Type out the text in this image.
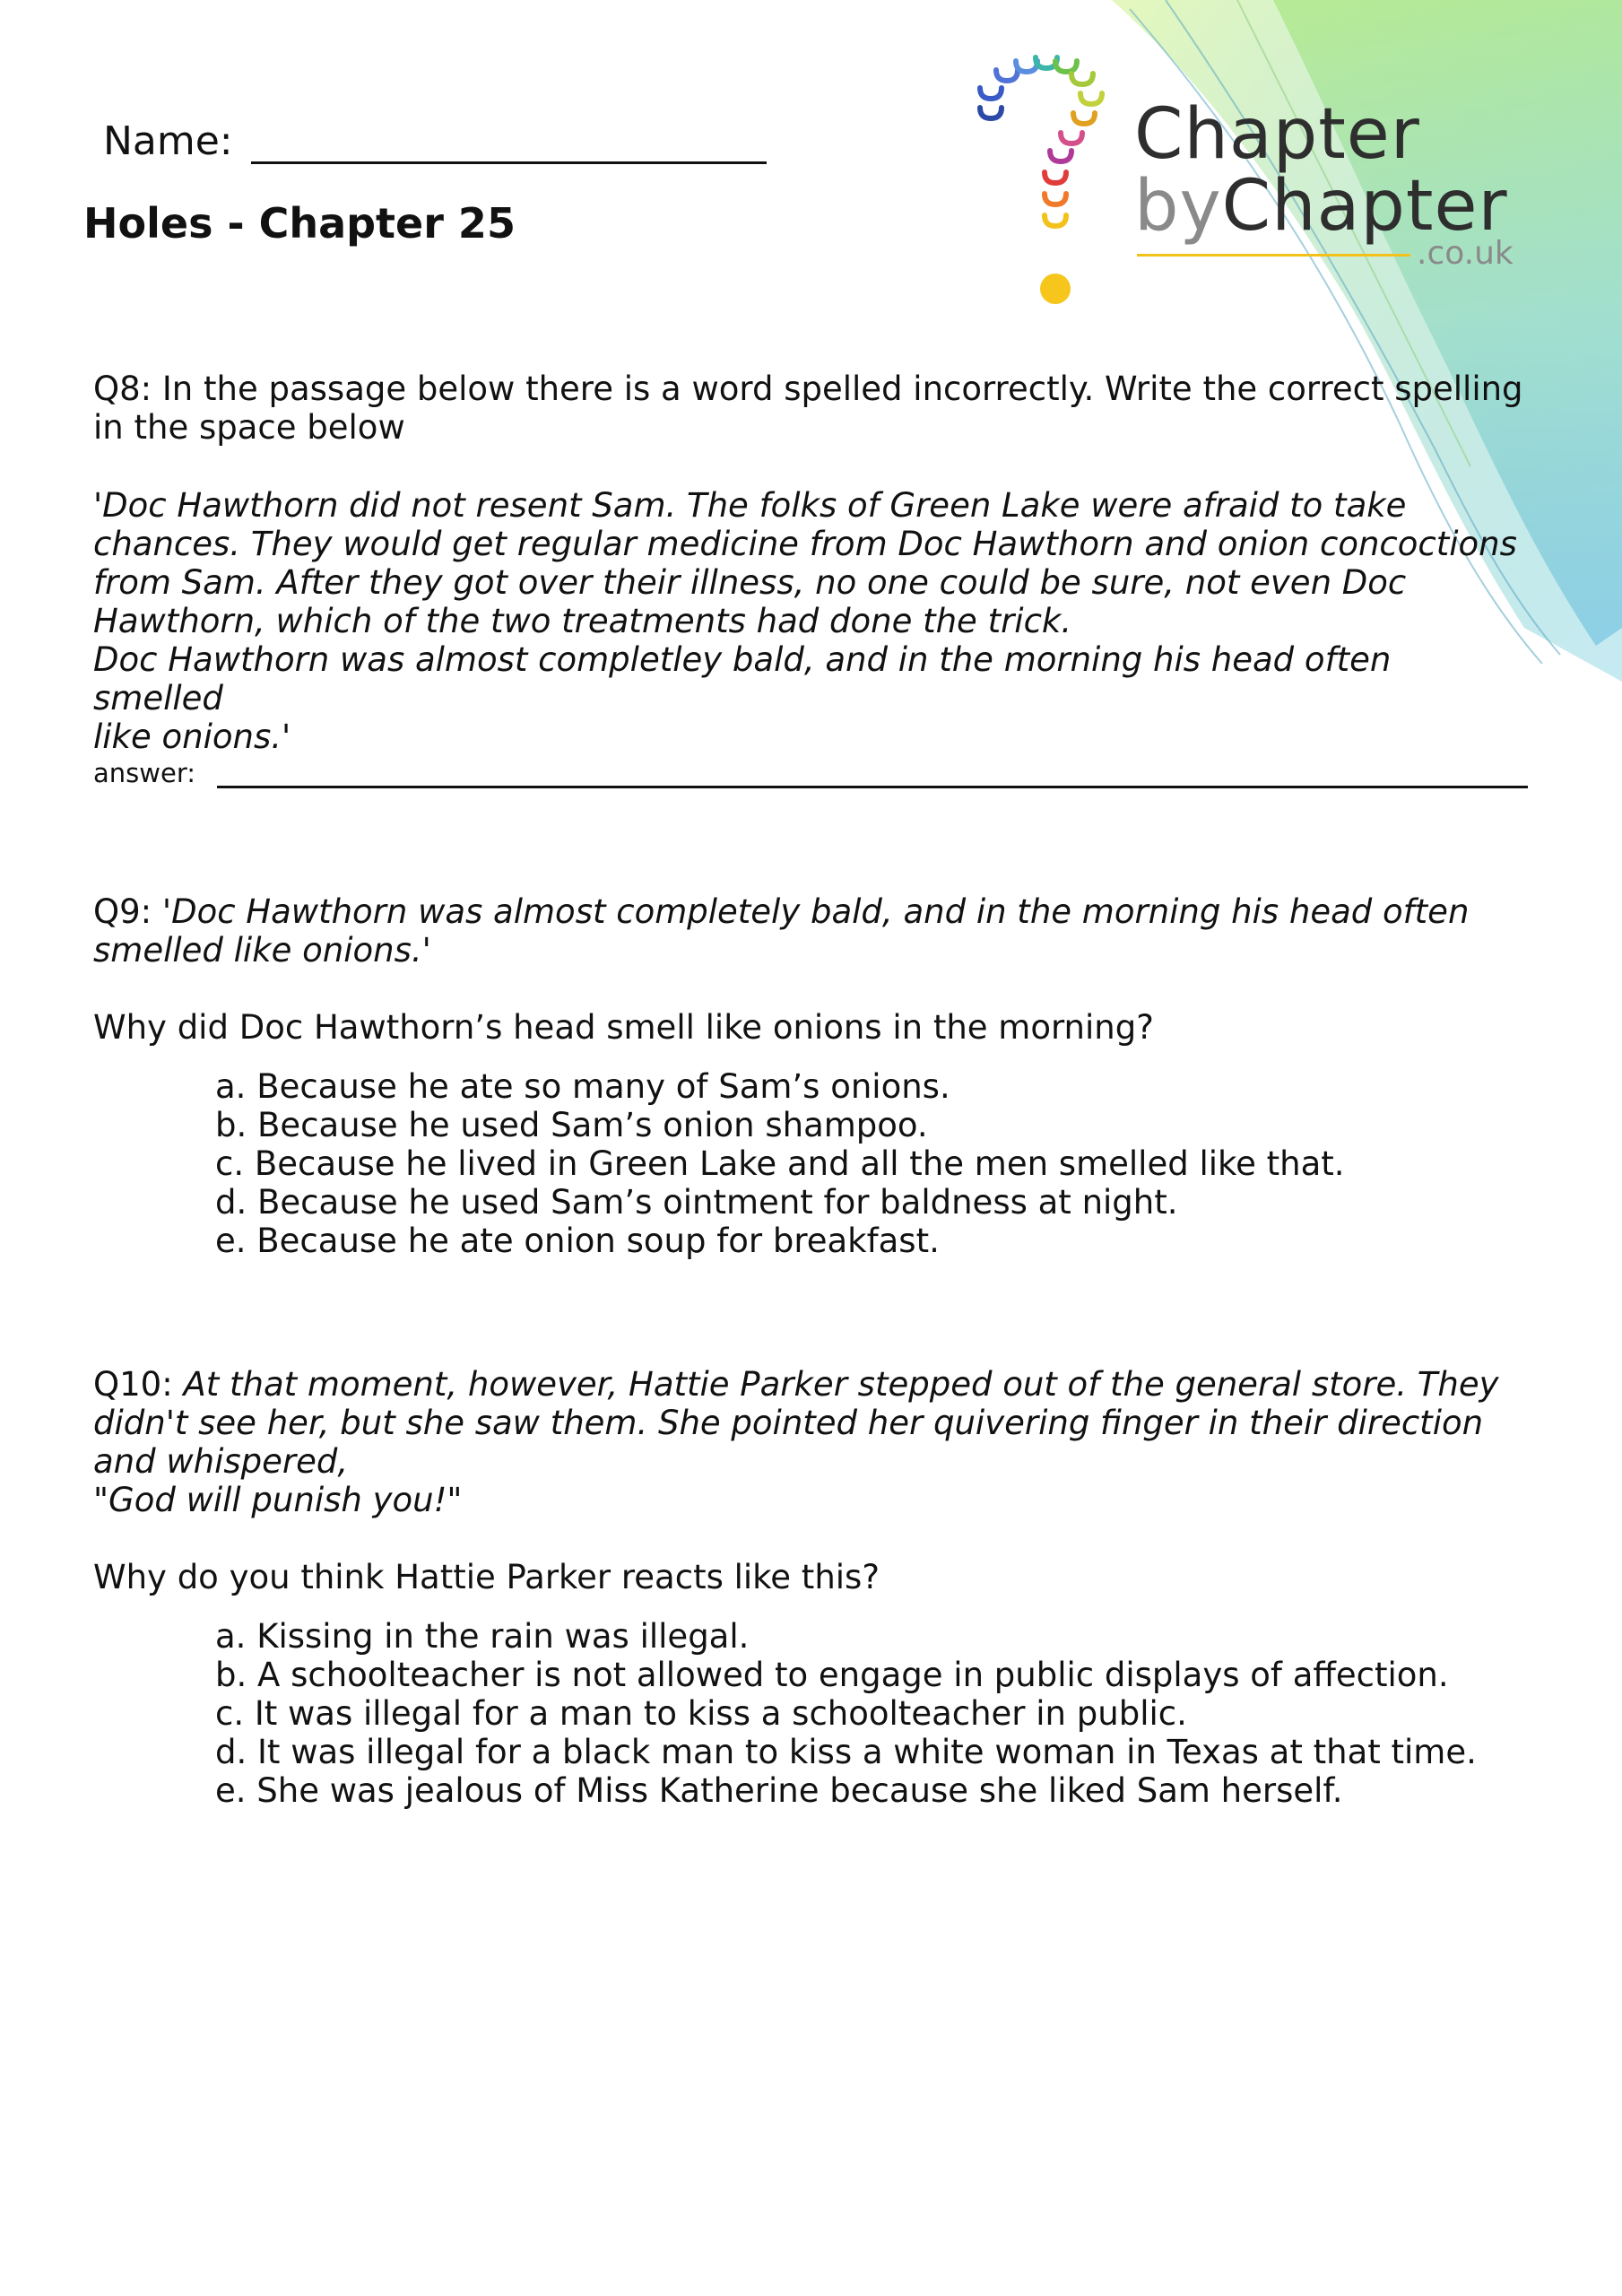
Chapter
byChapter
.co.uk
Name:
Holes - Chapter 25
Q8: In the passage below there is a word spelled incorrectly. Write the correct spelling in the space below
'Doc Hawthorn did not resent Sam. The folks of Green Lake were afraid to take
chances. They would get regular medicine from Doc Hawthorn and onion concoctions
from Sam. After they got over their illness, no one could be sure, not even Doc
Hawthorn, which of the two treatments had done the trick.
Doc Hawthorn was almost completley bald, and in the morning his head often smelled
like onions.'
answer:
Q9: 'Doc Hawthorn was almost completely bald, and in the morning his head often
smelled like onions.'
Why did Doc Hawthorn’s head smell like onions in the morning?
a. Because he ate so many of Sam’s onions.
b. Because he used Sam’s onion shampoo.
c. Because he lived in Green Lake and all the men smelled like that.
d. Because he used Sam’s ointment for baldness at night.
e. Because he ate onion soup for breakfast.
Q10: At that moment, however, Hattie Parker stepped out of the general store. They
didn't see her, but she saw them. She pointed her quivering finger in their direction
and whispered,
"God will punish you!"
Why do you think Hattie Parker reacts like this?
a. Kissing in the rain was illegal.
b. A schoolteacher is not allowed to engage in public displays of affection.
c. It was illegal for a man to kiss a schoolteacher in public.
d. It was illegal for a black man to kiss a white woman in Texas at that time.
e. She was jealous of Miss Katherine because she liked Sam herself.
